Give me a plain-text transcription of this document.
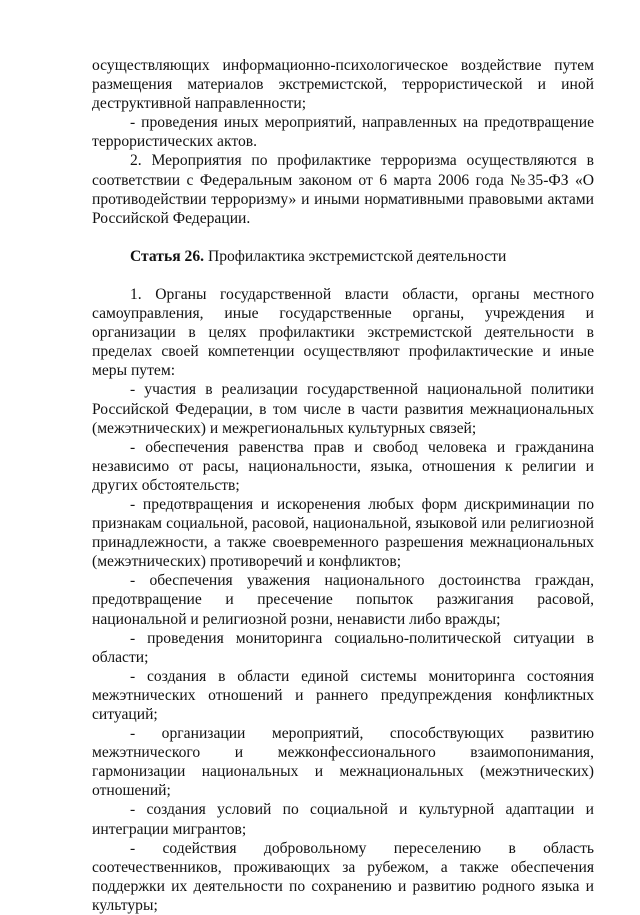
осуществляющих информационно-психологическое воздействие путем размещения материалов экстремистской, террористической и иной деструктивной направленности;

- проведения иных мероприятий, направленных на предотвращение террористических актов.

2. Мероприятия по профилактике терроризма осуществляются в соответствии с Федеральным законом от 6 марта 2006 года №35-ФЗ «О противодействии терроризму» и иными нормативными правовыми актами Российской Федерации.

Статья 26. Профилактика экстремистской деятельности

1. Органы государственной власти области, органы местного самоуправления, иные государственные органы, учреждения и организации в целях профилактики экстремистской деятельности в пределах своей компетенции осуществляют профилактические и иные меры путем:

- участия в реализации государственной национальной политики Российской Федерации, в том числе в части развития межнациональных (межэтнических) и межрегиональных культурных связей;

- обеспечения равенства прав и свобод человека и гражданина независимо от расы, национальности, языка, отношения к религии и других обстоятельств;

- предотвращения и искоренения любых форм дискриминации по признакам социальной, расовой, национальной, языковой или религиозной принадлежности, а также своевременного разрешения межнациональных (межэтнических) противоречий и конфликтов;

- обеспечения уважения национального достоинства граждан, предотвращение и пресечение попыток разжигания расовой, национальной и религиозной розни, ненависти либо вражды;

- проведения мониторинга социально-политической ситуации в области;

- создания в области единой системы мониторинга состояния межэтнических отношений и раннего предупреждения конфликтных ситуаций;

- организации мероприятий, способствующих развитию межэтнического и межконфессионального взаимопонимания, гармонизации национальных и межнациональных (межэтнических) отношений;

- создания условий по социальной и культурной адаптации и интеграции мигрантов;

- содействия добровольному переселению в область соотечественников, проживающих за рубежом, а также обеспечения поддержки их деятельности по сохранению и развитию родного языка и культуры;
